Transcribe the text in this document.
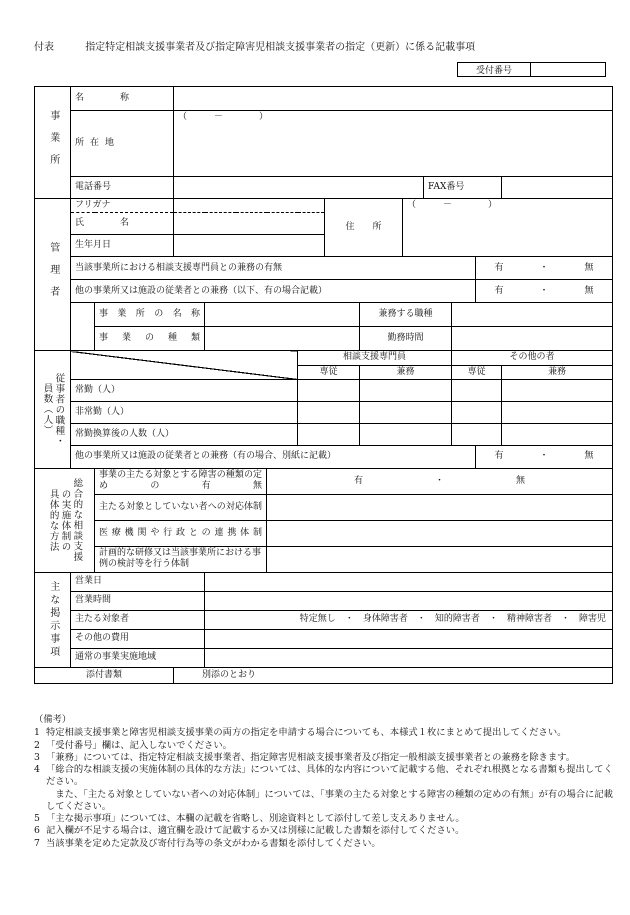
付表	指定特定相談支援事業者及び指定障害児相談支援事業者の指定（更新）に係る記載事項
受付番号	
事業所	名　　称												
	所在地		（　　　－　　　　）										
	電話番号									FAX番号			
管理者	フリガナ						住　　所		（　　　－　　　　）				
	氏　　名												
	生年月日												
	当該事業所における相談支援専門員との兼務の有無											有　　　　 ・　　　　 無	
	他の事業所又は施設の従業者との兼務（以下、有の場合記載）											有　　　　 ・　　　　 無	
		事業所の名称						兼務する職種					
		事業の種類						勤務時間					

従事者の職種・
員数（人）						相談支援専門員					その他の者		
						専従		兼務			専従		兼務
	常勤（人）												
	非常勤（人）												
	常勤換算後の人数（人）												
	他の事業所又は施設の従業者との兼務（有の場合、別紙に記載）											有　　　　 ・　　　　 無	

総合的な相談支援
の実施体制の
具体的な方法		事業の主たる対象とする障害の種類の定めの有無			有　　　　　　　　 ・　　　　　　　　 無								
		主たる対象としていない者への対応体制											
		医療機関や行政との連携体制											
		計画的な研修又は当該事業所における事例の検討等を行う体制											
主な掲示事項	営業日												
	営業時間												
	主たる対象者			特定無し　 ・　 身体障害者　 ・　 知的障害者　 ・　 精神障害者　 ・　 障害児									
	その他の費用												
	通常の事業実施地域												
添付書類			別添のとおり										
（備考）
1 特定相談支援事業と障害児相談支援事業の両方の指定を申請する場合についても、本様式１枚にまとめて提出してください。
2 「受付番号」欄は、記入しないでください。
3 「兼務」については、指定特定相談支援事業者、指定障害児相談支援事業者及び指定一般相談支援事業者との兼務を除きます。
4 「総合的な相談支援の実施体制の具体的な方法」については、具体的な内容について記載する他、それぞれ根拠となる書類も提出してください。
　また、「主たる対象としていない者への対応体制」については、「事業の主たる対象とする障害の種類の定めの有無」が有の場合に記載してください。
5 「主な掲示事項」については、本欄の記載を省略し、別途資料として添付して差し支えありません。
6 記入欄が不足する場合は、適宜欄を設けて記載するか又は別様に記載した書類を添付してください。
7 当該事業を定めた定款及び寄付行為等の条文がわかる書類を添付してください。
